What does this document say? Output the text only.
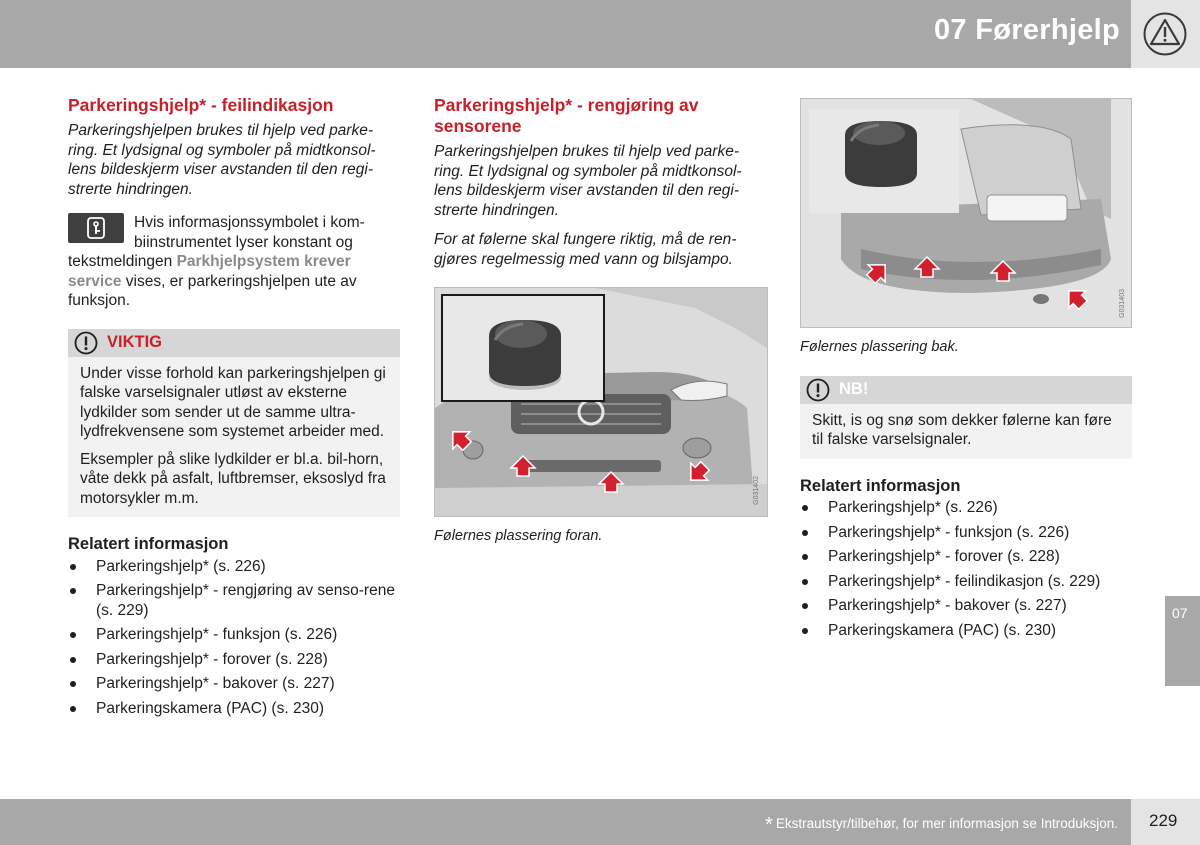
07 Førerhjelp
Parkeringshjelp* - feilindikasjon

Parkeringshjelpen brukes til hjelp ved parke-ring. Et lydsignal og symboler på midtkonsol-lens bildeskjerm viser avstanden til den regi-strerte hindringen.

Hvis informasjonssymbolet i kom-biinstrumentet lyser konstant og tekstmeldingen Parkhjelpsystem krever service vises, er parkeringshjelpen ute av funksjon.

VIKTIG

Under visse forhold kan parkeringshjelpen gi falske varselsignaler utløst av eksterne lydkilder som sender ut de samme ultra-lydfrekvensene som systemet arbeider med.

Eksempler på slike lydkilder er bl.a. bil-horn, våte dekk på asfalt, luftbremser, eksoslyd fra motorsykler m.m.

Relatert informasjon
Parkeringshjelp* (s. 226)
Parkeringshjelp* - rengjøring av senso-rene (s. 229)
Parkeringshjelp* - funksjon (s. 226)
Parkeringshjelp* - forover (s. 228)
Parkeringshjelp* - bakover (s. 227)
Parkeringskamera (PAC) (s. 230)
Parkeringshjelp* - rengjøring av sensorene

Parkeringshjelpen brukes til hjelp ved parke-ring. Et lydsignal og symboler på midtkonsol-lens bildeskjerm viser avstanden til den regi-strerte hindringen.

For at følerne skal fungere riktig, må de ren-gjøres regelmessig med vann og bilsjampo.

G031402
Følernes plassering foran.
G031403
Følernes plassering bak.
NB!

Skitt, is og snø som dekker følerne kan føre til falske varselsignaler.

Relatert informasjon
Parkeringshjelp* (s. 226)
Parkeringshjelp* - funksjon (s. 226)
Parkeringshjelp* - forover (s. 228)
Parkeringshjelp* - feilindikasjon (s. 229)
Parkeringshjelp* - bakover (s. 227)
Parkeringskamera (PAC) (s. 230)
07
* Ekstrautstyr/tilbehør, for mer informasjon se Introduksjon. 229
